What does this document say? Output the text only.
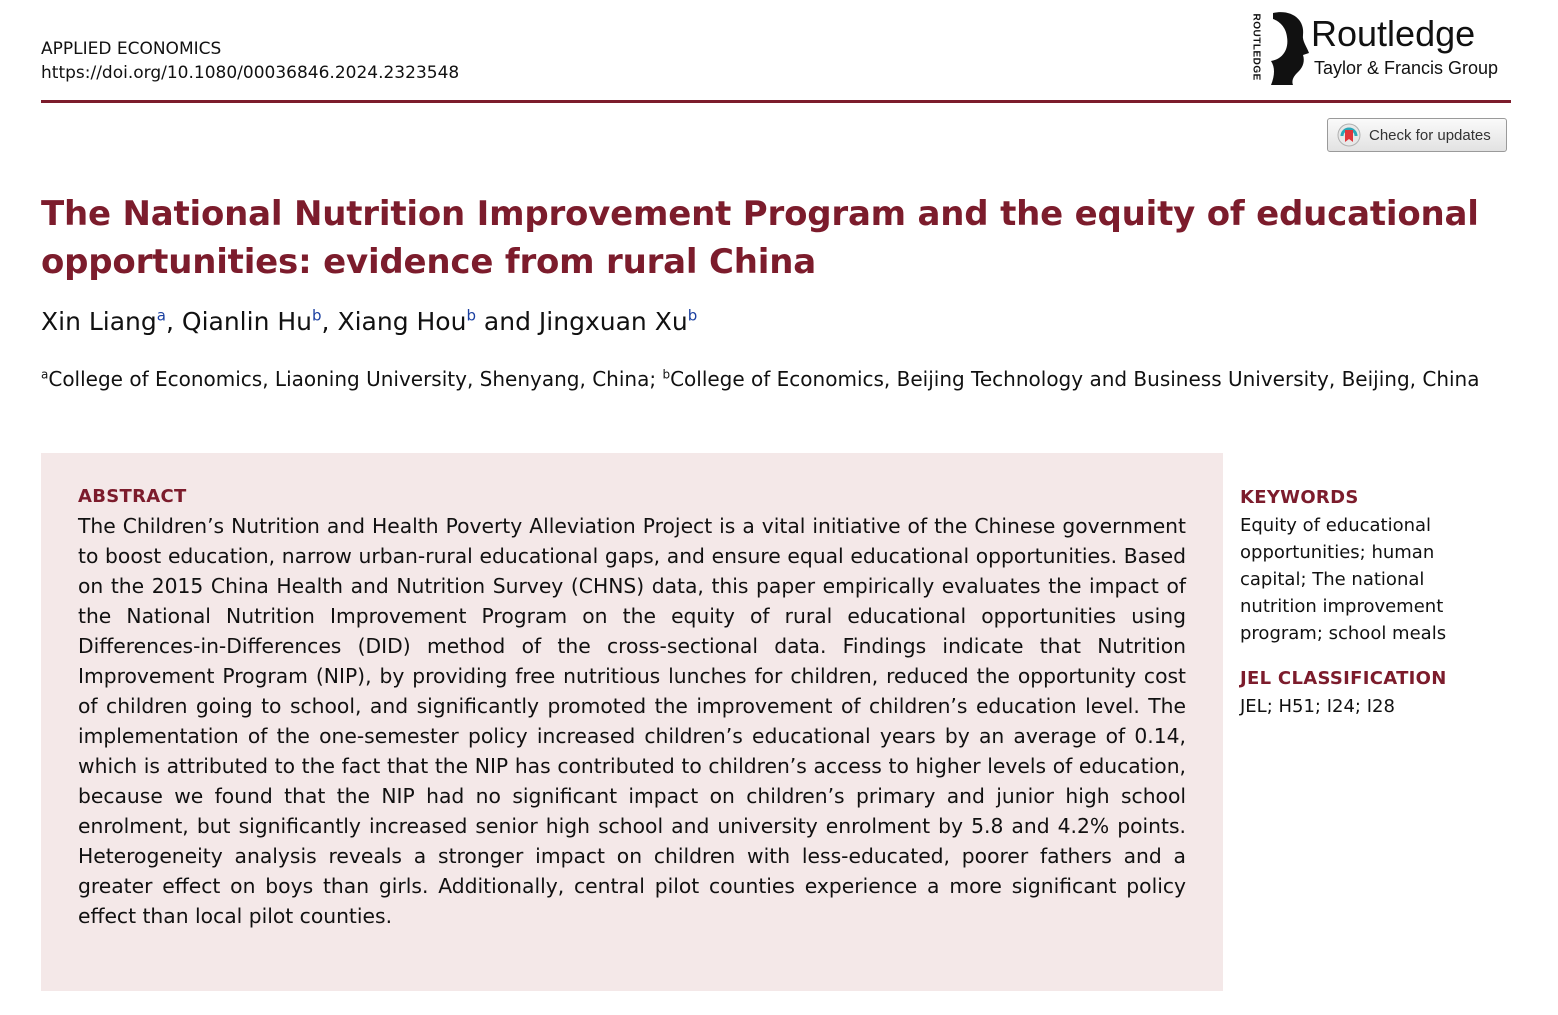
APPLIED ECONOMICS
https://doi.org/10.1080/00036846.2024.2323548	ROUTLEDGE Routledge
Taylor & Francis Group
Check for updates
The National Nutrition Improvement Program and the equity of educational opportunities: evidence from rural China
Xin Liang$^a$, Qianlin Hu$^b$, Xiang Hou$^b$ and Jingxuan Xu$^b$
$^a$College of Economics, Liaoning University, Shenyang, China; $^b$College of Economics, Beijing Technology and Business University, Beijing, China
ABSTRACT

The Children’s Nutrition and Health Poverty Alleviation Project is a vital initiative of the Chinese government to boost education, narrow urban-rural educational gaps, and ensure equal educational opportunities. Based on the 2015 China Health and Nutrition Survey (CHNS) data, this paper empirically evaluates the impact of the National Nutrition Improvement Program on the equity of rural educational opportunities using Differences-in-Differences (DID) method of the cross-sectional data. Findings indicate that Nutrition Improvement Program (NIP), by providing free nutritious lunches for children, reduced the opportunity cost of children going to school, and significantly promoted the improvement of children’s education level. The implementation of the one-semester policy increased children’s educational years by an average of 0.14, which is attributed to the fact that the NIP has contributed to children’s access to higher levels of education, because we found that the NIP had no significant impact on children’s primary and junior high school enrolment, but significantly increased senior high school and university enrolment by 5.8 and 4.2% points. Heterogeneity analysis reveals a stronger impact on children with less-educated, poorer fathers and a greater effect on boys than girls. Additionally, central pilot counties experience a more significant policy effect than local pilot counties.

KEYWORDS

Equity of educational opportunities; human capital; The national nutrition improvement program; school meals

JEL CLASSIFICATION

JEL; H51; I24; I28
